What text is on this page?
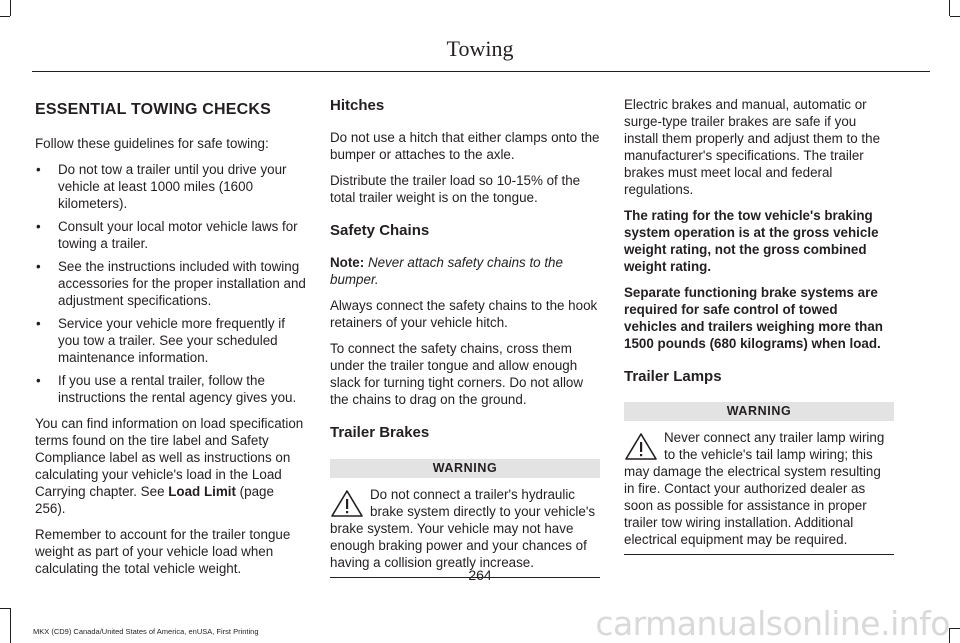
Towing
ESSENTIAL TOWING CHECKS

Follow these guidelines for safe towing:

• Do not tow a trailer until you drive your vehicle at least 1000 miles (1600 kilometers).
• Consult your local motor vehicle laws for towing a trailer.
• See the instructions included with towing accessories for the proper installation and adjustment specifications.
• Service your vehicle more frequently if you tow a trailer. See your scheduled maintenance information.
• If you use a rental trailer, follow the instructions the rental agency gives you.

You can find information on load specification terms found on the tire label and Safety Compliance label as well as instructions on calculating your vehicle's load in the Load Carrying chapter. See Load Limit (page 256).

Remember to account for the trailer tongue weight as part of your vehicle load when calculating the total vehicle weight.

Hitches

Do not use a hitch that either clamps onto the bumper or attaches to the axle.

Distribute the trailer load so 10-15% of the total trailer weight is on the tongue.

Safety Chains

Note: Never attach safety chains to the bumper.

Always connect the safety chains to the hook retainers of your vehicle hitch.

To connect the safety chains, cross them under the trailer tongue and allow enough slack for turning tight corners. Do not allow the chains to drag on the ground.

Trailer Brakes
WARNING
Do not connect a trailer's hydraulic brake system directly to your vehicle's brake system. Your vehicle may not have enough braking power and your chances of having a collision greatly increase.

Electric brakes and manual, automatic or surge-type trailer brakes are safe if you install them properly and adjust them to the manufacturer's specifications. The trailer brakes must meet local and federal regulations.

The rating for the tow vehicle's braking system operation is at the gross vehicle weight rating, not the gross combined weight rating.

Separate functioning brake systems are required for safe control of towed vehicles and trailers weighing more than 1500 pounds (680 kilograms) when load.

Trailer Lamps
WARNING
Never connect any trailer lamp wiring to the vehicle's tail lamp wiring; this may damage the electrical system resulting in fire. Contact your authorized dealer as soon as possible for assistance in proper trailer tow wiring installation. Additional electrical equipment may be required.
264
MKX (CD9) Canada/United States of America, enUSA, First Printing	carmanualsonline.info
